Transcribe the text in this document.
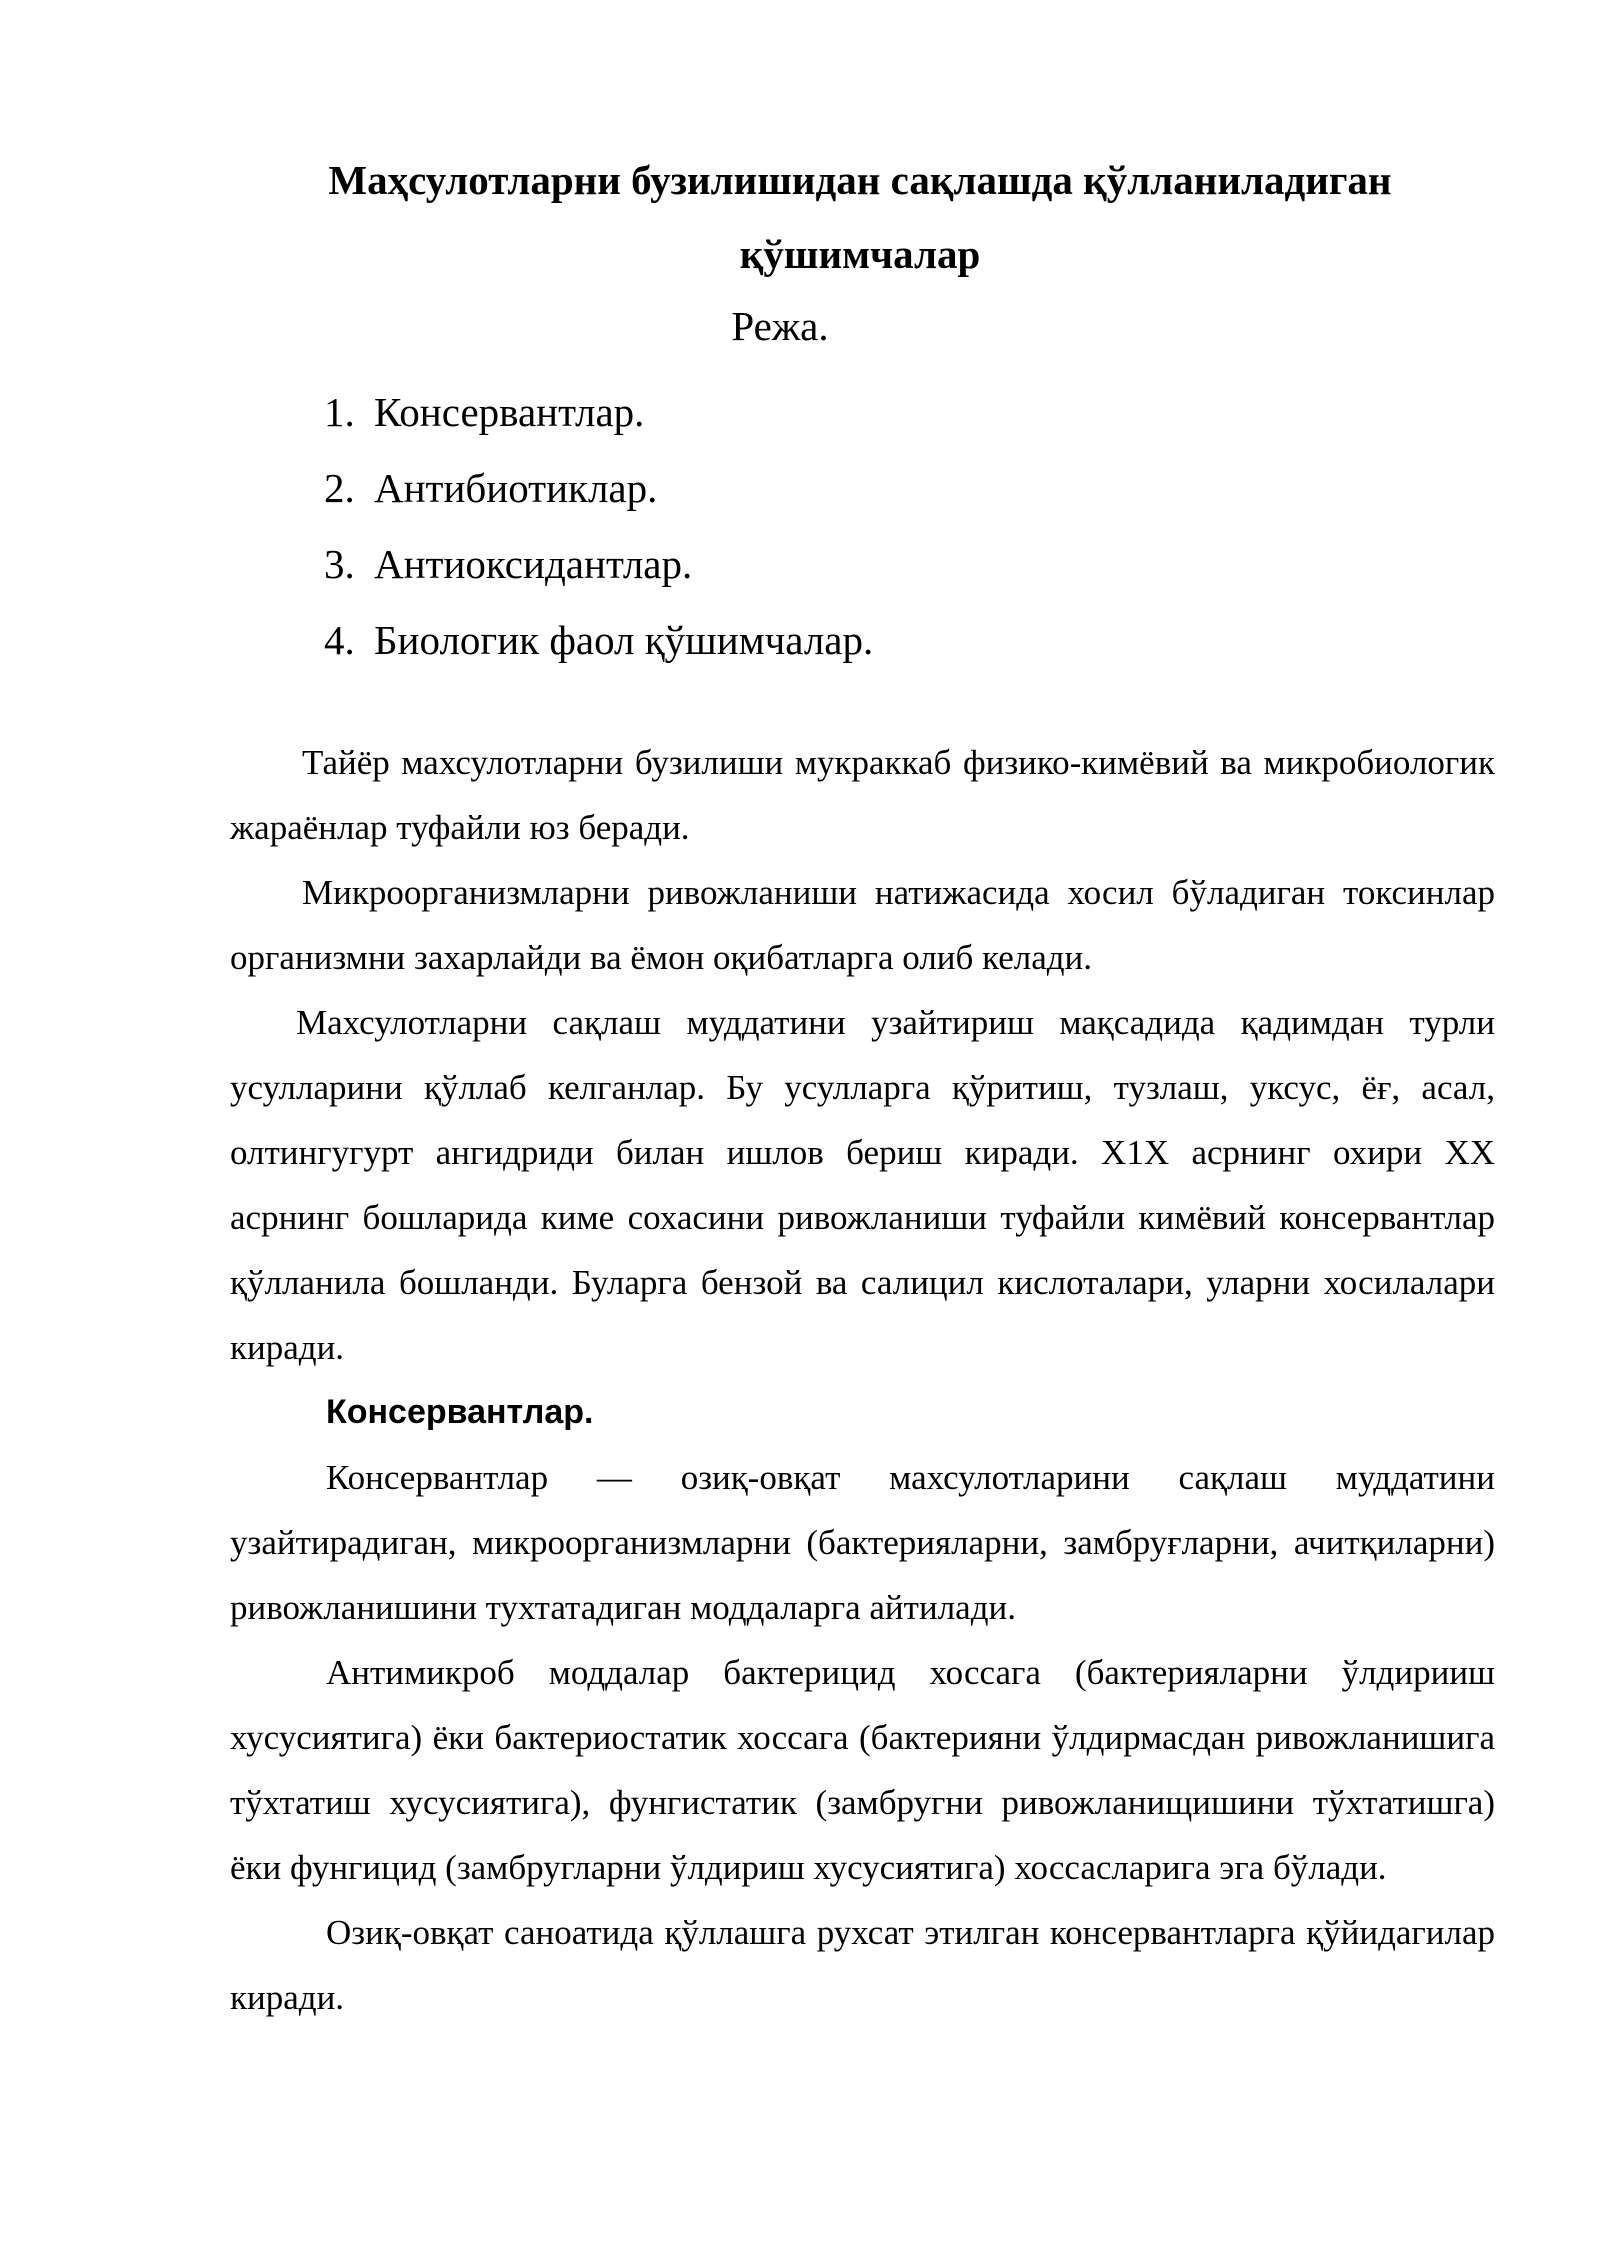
Маҳсулотларни бузилишидан сақлашда қўлланиладиган
қўшимчалар

Режа.

1. Консервантлар.
2. Антибиотиклар.
3. Антиоксидантлар.
4. Биологик фаол қўшимчалар.

Тайёр махсулотларни бузилиши мукраккаб физико-кимёвий ва микробиологик жараёнлар туфайли юз беради.

Микроорганизмларни ривожланиши натижасида хосил бўладиган токсинлар организмни захарлайди ва ёмон оқибатларга олиб келади.

Махсулотларни сақлаш муддатини узайтириш мақсадида қадимдан турли усулларини қўллаб келганлар. Бу усулларга қўритиш, тузлаш, уксус, ёғ, асал, олтингугурт ангидриди билан ишлов бериш киради. Х1Х асрнинг охири ХХ асрнинг бошларида киме сохасини ривожланиши туфайли кимёвий консервантлар қўлланила бошланди. Буларга бензой ва салицил кислоталари, уларни хосилалари киради.

Консервантлар.

Консервантлар — озиқ-овқат махсулотларини сақлаш муддатини узайтирадиган, микроорганизмларни (бактерияларни, замбруғларни, ачитқиларни) ривожланишини тухтатадиган моддаларга айтилади.

Антимикроб моддалар бактерицид хоссага (бактерияларни ўлдирииш хусусиятига) ёки бактериостатик хоссага (бактерияни ўлдирмасдан ривожланишига тўхтатиш хусусиятига), фунгистатик (замбругни ривожланищишини тўхтатишга) ёки фунгицид (замбругларни ўлдириш хусусиятига) хоссасларига эга бўлади.

Озиқ-овқат саноатида қўллашга рухсат этилган консервантларга қўйидагилар киради.
